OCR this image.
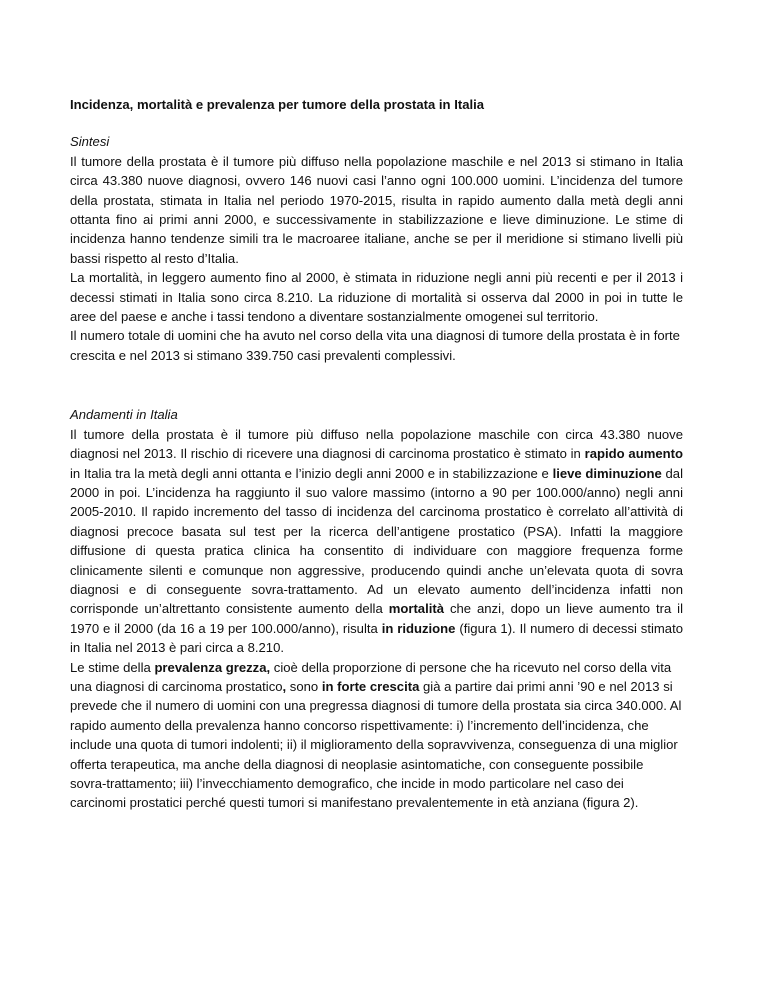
Incidenza, mortalità e prevalenza per tumore della prostata in Italia

Sintesi

Il tumore della prostata è il tumore più diffuso nella popolazione maschile e nel 2013 si stimano in Italia circa 43.380 nuove diagnosi, ovvero 146 nuovi casi l’anno ogni 100.000 uomini. L’incidenza del tumore della prostata, stimata in Italia nel periodo 1970-2015, risulta in rapido aumento dalla metà degli anni ottanta fino ai primi anni 2000, e successivamente in stabilizzazione e lieve diminuzione. Le stime di incidenza hanno tendenze simili tra le macroaree italiane, anche se per il meridione si stimano livelli più bassi rispetto al resto d’Italia.

La mortalità, in leggero aumento fino al 2000, è stimata in riduzione negli anni più recenti e per il 2013 i decessi stimati in Italia sono circa 8.210. La riduzione di mortalità si osserva dal 2000 in poi in tutte le aree del paese e anche i tassi tendono a diventare sostanzialmente omogenei sul territorio.

Il numero totale di uomini che ha avuto nel corso della vita una diagnosi di tumore della prostata è in forte crescita e nel 2013 si stimano 339.750 casi prevalenti complessivi.

Andamenti in Italia

Il tumore della prostata è il tumore più diffuso nella popolazione maschile con circa 43.380 nuove diagnosi nel 2013. Il rischio di ricevere una diagnosi di carcinoma prostatico è stimato in rapido aumento in Italia tra la metà degli anni ottanta e l’inizio degli anni 2000 e in stabilizzazione e lieve diminuzione dal 2000 in poi. L’incidenza ha raggiunto il suo valore massimo (intorno a 90 per 100.000/anno) negli anni 2005-2010. Il rapido incremento del tasso di incidenza del carcinoma prostatico è correlato all’attività di diagnosi precoce basata sul test per la ricerca dell’antigene prostatico (PSA). Infatti la maggiore diffusione di questa pratica clinica ha consentito di individuare con maggiore frequenza forme clinicamente silenti e comunque non aggressive, producendo quindi anche un’elevata quota di sovra diagnosi e di conseguente sovra-trattamento. Ad un elevato aumento dell’incidenza infatti non corrisponde un’altrettanto consistente aumento della mortalità che anzi, dopo un lieve aumento tra il 1970 e il 2000 (da 16 a 19 per 100.000/anno), risulta in riduzione (figura 1). Il numero di decessi stimato in Italia nel 2013 è pari circa a 8.210.

Le stime della prevalenza grezza, cioè della proporzione di persone che ha ricevuto nel corso della vita una diagnosi di carcinoma prostatico, sono in forte crescita già a partire dai primi anni ’90 e nel 2013 si prevede che il numero di uomini con una pregressa diagnosi di tumore della prostata sia circa 340.000. Al rapido aumento della prevalenza hanno concorso rispettivamente: i) l’incremento dell’incidenza, che include una quota di tumori indolenti; ii) il miglioramento della sopravvivenza, conseguenza di una miglior offerta terapeutica, ma anche della diagnosi di neoplasie asintomatiche, con conseguente possibile sovra-trattamento; iii) l’invecchiamento demografico, che incide in modo particolare nel caso dei carcinomi prostatici perché questi tumori si manifestano prevalentemente in età anziana (figura 2).
